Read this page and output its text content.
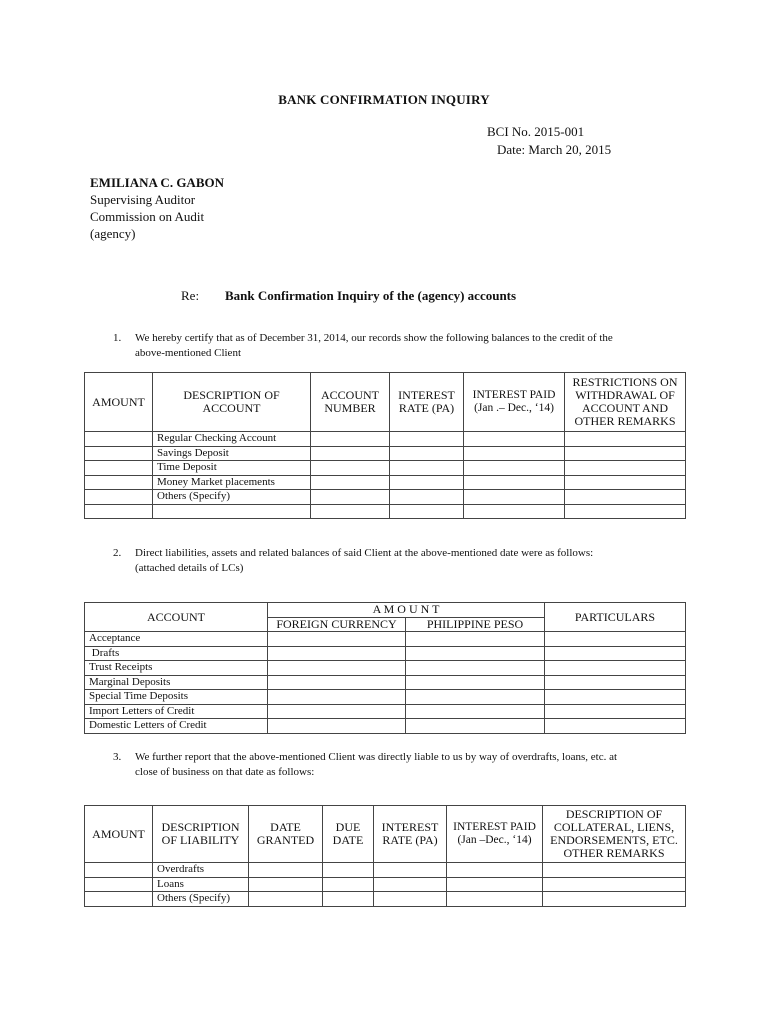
BANK CONFIRMATION INQUIRY
BCI No. 2015-001
Date: March 20, 2015
EMILIANA C. GABON
Supervising Auditor
Commission on Audit
(agency)
Re: Bank Confirmation Inquiry of the (agency) accounts
1. We hereby certify that as of December 31, 2014, our records show the following balances to the credit of the
above-mentioned Client
AMOUNT	DESCRIPTION OF ACCOUNT	ACCOUNT NUMBER	INTEREST RATE (PA)	INTEREST PAID (Jan .– Dec., ‘14)	RESTRICTIONS ON WITHDRAWAL OF ACCOUNT AND OTHER REMARKS
	Regular Checking Account				
	Savings Deposit				
	Time Deposit				
	Money Market placements				
	Others (Specify)				

2. Direct liabilities, assets and related balances of said Client at the above-mentioned date were as follows:
(attached details of LCs)
ACCOUNT	A M O U N T		PARTICULARS
	FOREIGN CURRENCY	PHILIPPINE PESO	
Acceptance			
Drafts			
Trust Receipts			
Marginal Deposits			
Special Time Deposits			
Import Letters of Credit			
Domestic Letters of Credit			
3. We further report that the above-mentioned Client was directly liable to us by way of overdrafts, loans, etc. at
close of business on that date as follows:
AMOUNT	DESCRIPTION OF LIABILITY	DATE GRANTED	DUE DATE	INTEREST RATE (PA)	INTEREST PAID (Jan –Dec., ‘14)	DESCRIPTION OF COLLATERAL, LIENS, ENDORSEMENTS, ETC. OTHER REMARKS
	Overdrafts					
	Loans					
	Others (Specify)					
